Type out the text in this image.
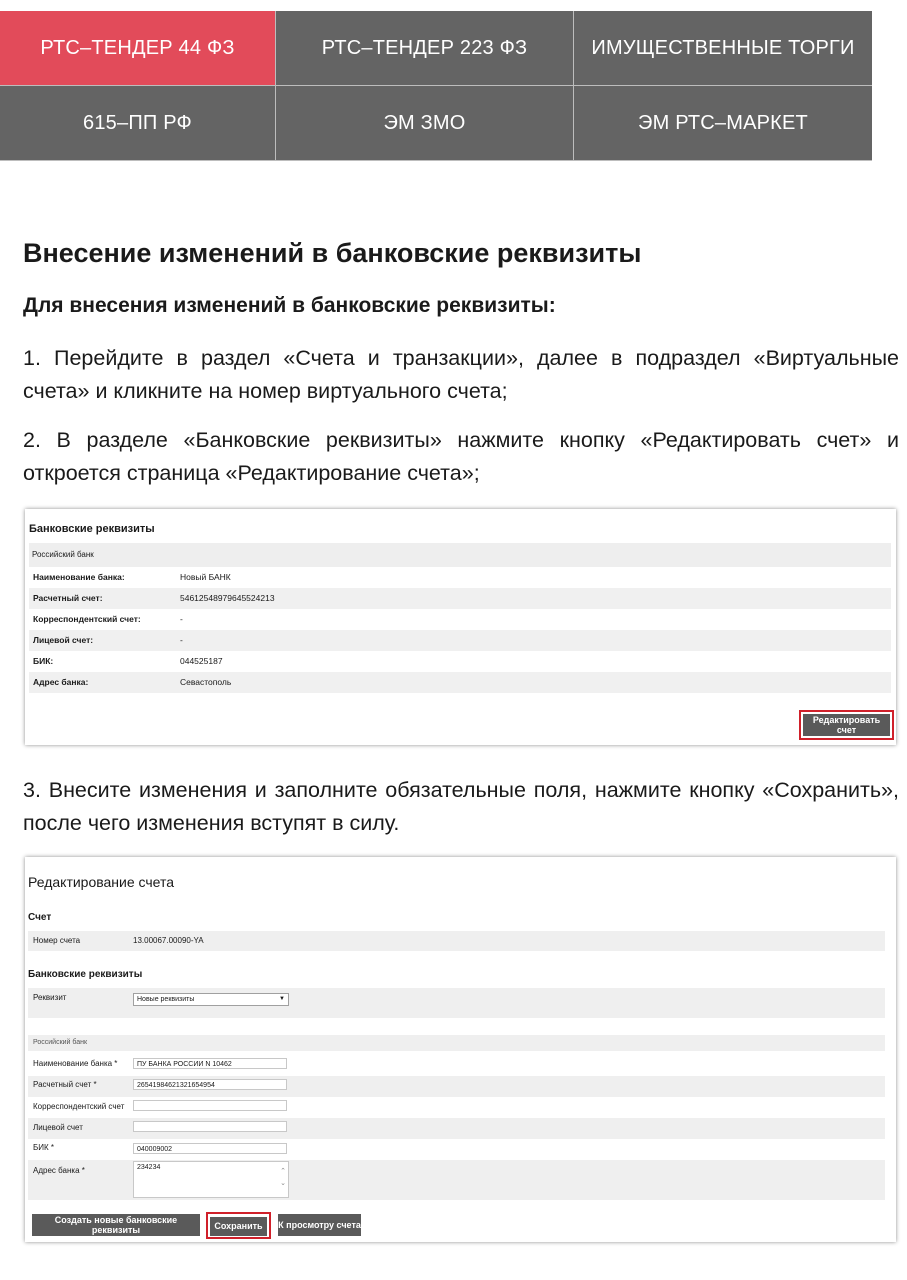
РТС–ТЕНДЕР 44 ФЗ	РТС–ТЕНДЕР 223 ФЗ	ИМУЩЕСТВЕННЫЕ ТОРГИ
615–ПП РФ	ЭМ ЗМО	ЭМ РТС–МАРКЕТ
Внесение изменений в банковские реквизиты

Для внесения изменений в банковские реквизиты:

1. Перейдите в раздел «Счета и транзакции», далее в подраздел «Виртуальные счета» и кликните на номер виртуального счета;

2. В разделе «Банковские реквизиты» нажмите кнопку «Редактировать счет» и откроется страница «Редактирование счета»;

Банковские реквизиты
Российский банк
Наименование банка:	Новый БАНК
Расчетный счет:	54612548979645524213
Корреспондентский счет:	-
Лицевой счет:	-
БИК:	044525187
Адрес банка:	Севастополь
Редактировать счет

3. Внесите изменения и заполните обязательные поля, нажмите кнопку «Сохранить», после чего изменения вступят в силу.

Редактирование счета
Счет
Номер счета	13.00067.00090-YA
Банковские реквизиты
Реквизит	Новые реквизиты	▼
Российский банк
Наименование банка *	ПУ БАНКА РОССИИ N 10462
Расчетный счет *	26541984621321654954
Корреспондентский счет
Лицевой счет
БИК *	040009002
Адрес банка *	234234
⌃
⌄
Создать новые банковские реквизиты	Сохранить	К просмотру счета
